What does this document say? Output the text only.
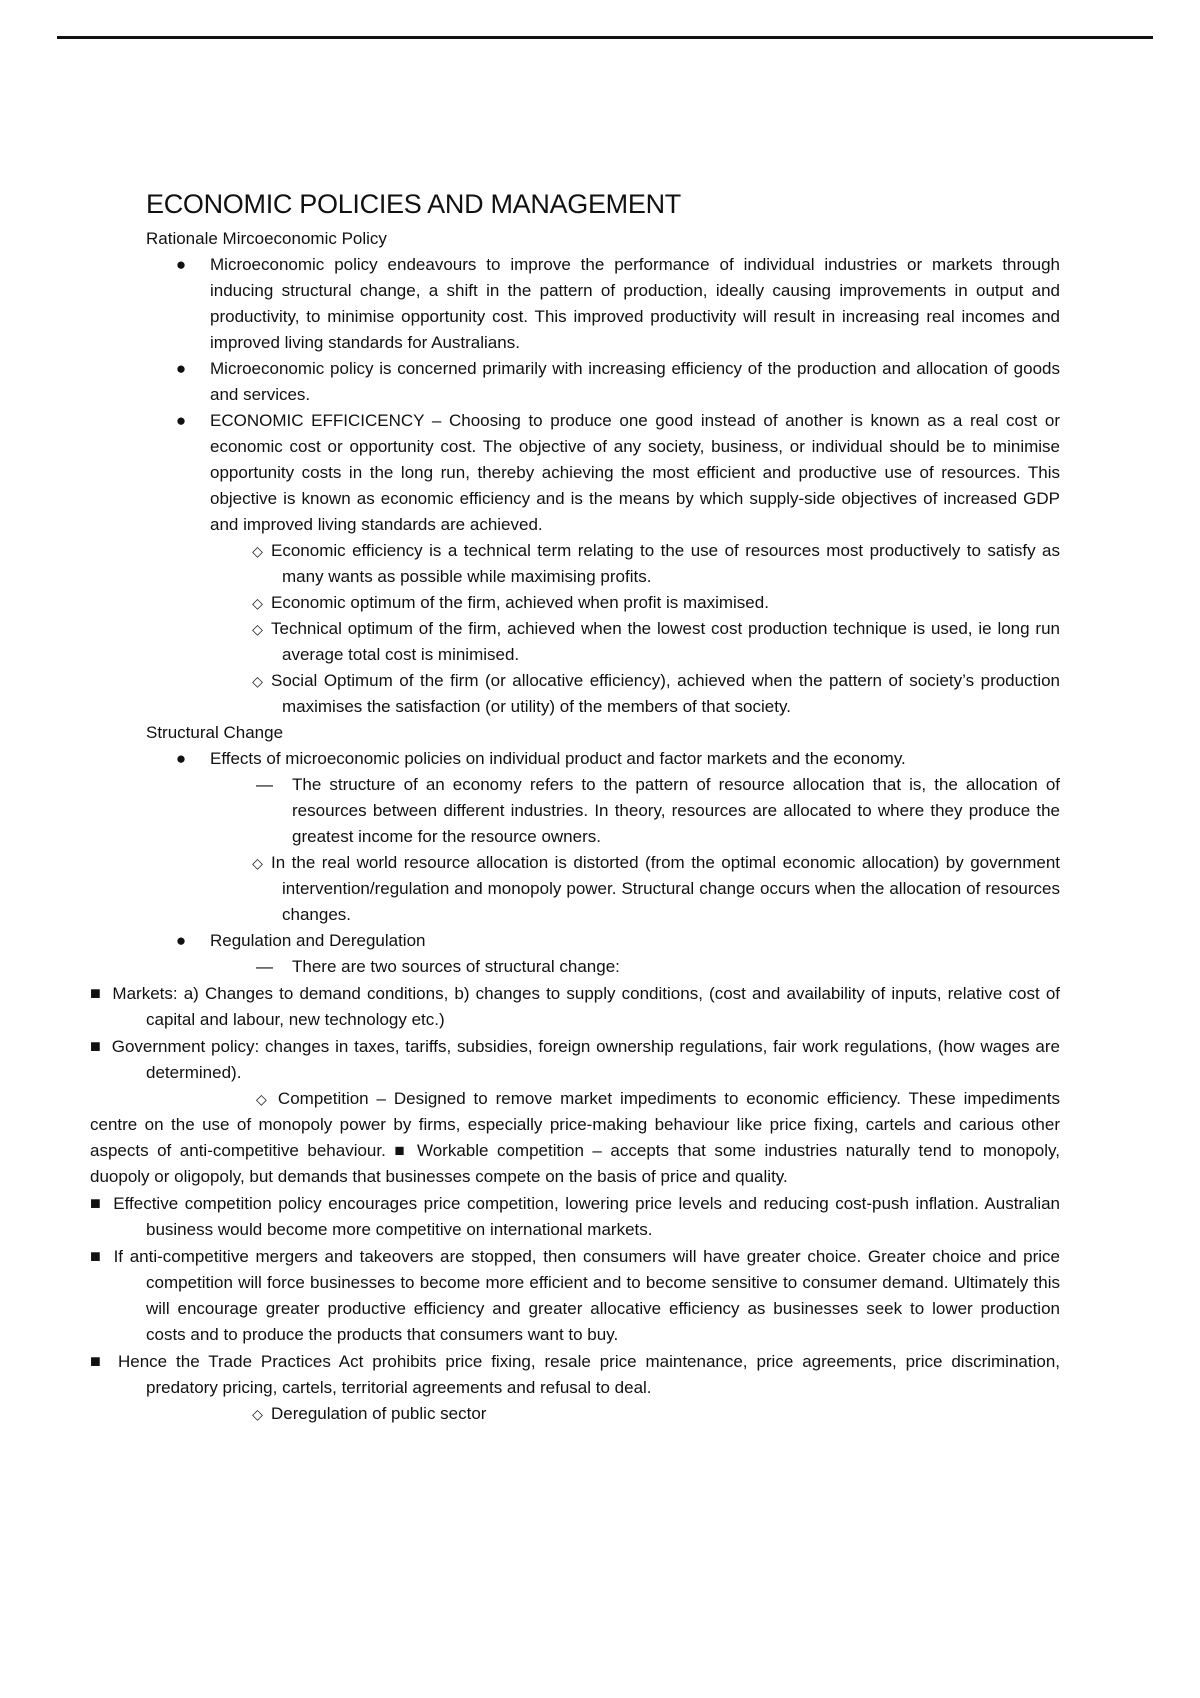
ECONOMIC POLICIES AND MANAGEMENT
Rationale Mircoeconomic Policy
● Microeconomic policy endeavours to improve the performance of individual industries or markets through inducing structural change, a shift in the pattern of production, ideally causing improvements in output and productivity, to minimise opportunity cost. This improved productivity will result in increasing real incomes and improved living standards for Australians.
● Microeconomic policy is concerned primarily with increasing efficiency of the production and allocation of goods and services.
● ECONOMIC EFFICICENCY – Choosing to produce one good instead of another is known as a real cost or economic cost or opportunity cost. The objective of any society, business, or individual should be to minimise opportunity costs in the long run, thereby achieving the most efficient and productive use of resources. This objective is known as economic efficiency and is the means by which supply-side objectives of increased GDP and improved living standards are achieved.
◇ Economic efficiency is a technical term relating to the use of resources most productively to satisfy as many wants as possible while maximising profits.
◇ Economic optimum of the firm, achieved when profit is maximised.
◇ Technical optimum of the firm, achieved when the lowest cost production technique is used, ie long run average total cost is minimised.
◇ Social Optimum of the firm (or allocative efficiency), achieved when the pattern of society’s production maximises the satisfaction (or utility) of the members of that society.
Structural Change
● Effects of microeconomic policies on individual product and factor markets and the economy.
— The structure of an economy refers to the pattern of resource allocation that is, the allocation of resources between different industries. In theory, resources are allocated to where they produce the greatest income for the resource owners.
◇ In the real world resource allocation is distorted (from the optimal economic allocation) by government intervention/regulation and monopoly power. Structural change occurs when the allocation of resources changes.
● Regulation and Deregulation
— There are two sources of structural change:
■ Markets: a) Changes to demand conditions, b) changes to supply conditions, (cost and availability of inputs, relative cost of capital and labour, new technology etc.)
■ Government policy: changes in taxes, tariffs, subsidies, foreign ownership regulations, fair work regulations, (how wages are determined).
◇ Competition – Designed to remove market impediments to economic efficiency. These impediments centre on the use of monopoly power by firms, especially price-making behaviour like price fixing, cartels and carious other aspects of anti-competitive behaviour. ■ Workable competition – accepts that some industries naturally tend to monopoly, duopoly or oligopoly, but demands that businesses compete on the basis of price and quality.
■ Effective competition policy encourages price competition, lowering price levels and reducing cost-push inflation. Australian business would become more competitive on international markets.
■ If anti-competitive mergers and takeovers are stopped, then consumers will have greater choice. Greater choice and price competition will force businesses to become more efficient and to become sensitive to consumer demand. Ultimately this will encourage greater productive efficiency and greater allocative efficiency as businesses seek to lower production costs and to produce the products that consumers want to buy.
■ Hence the Trade Practices Act prohibits price fixing, resale price maintenance, price agreements, price discrimination, predatory pricing, cartels, territorial agreements and refusal to deal.
◇ Deregulation of public sector
